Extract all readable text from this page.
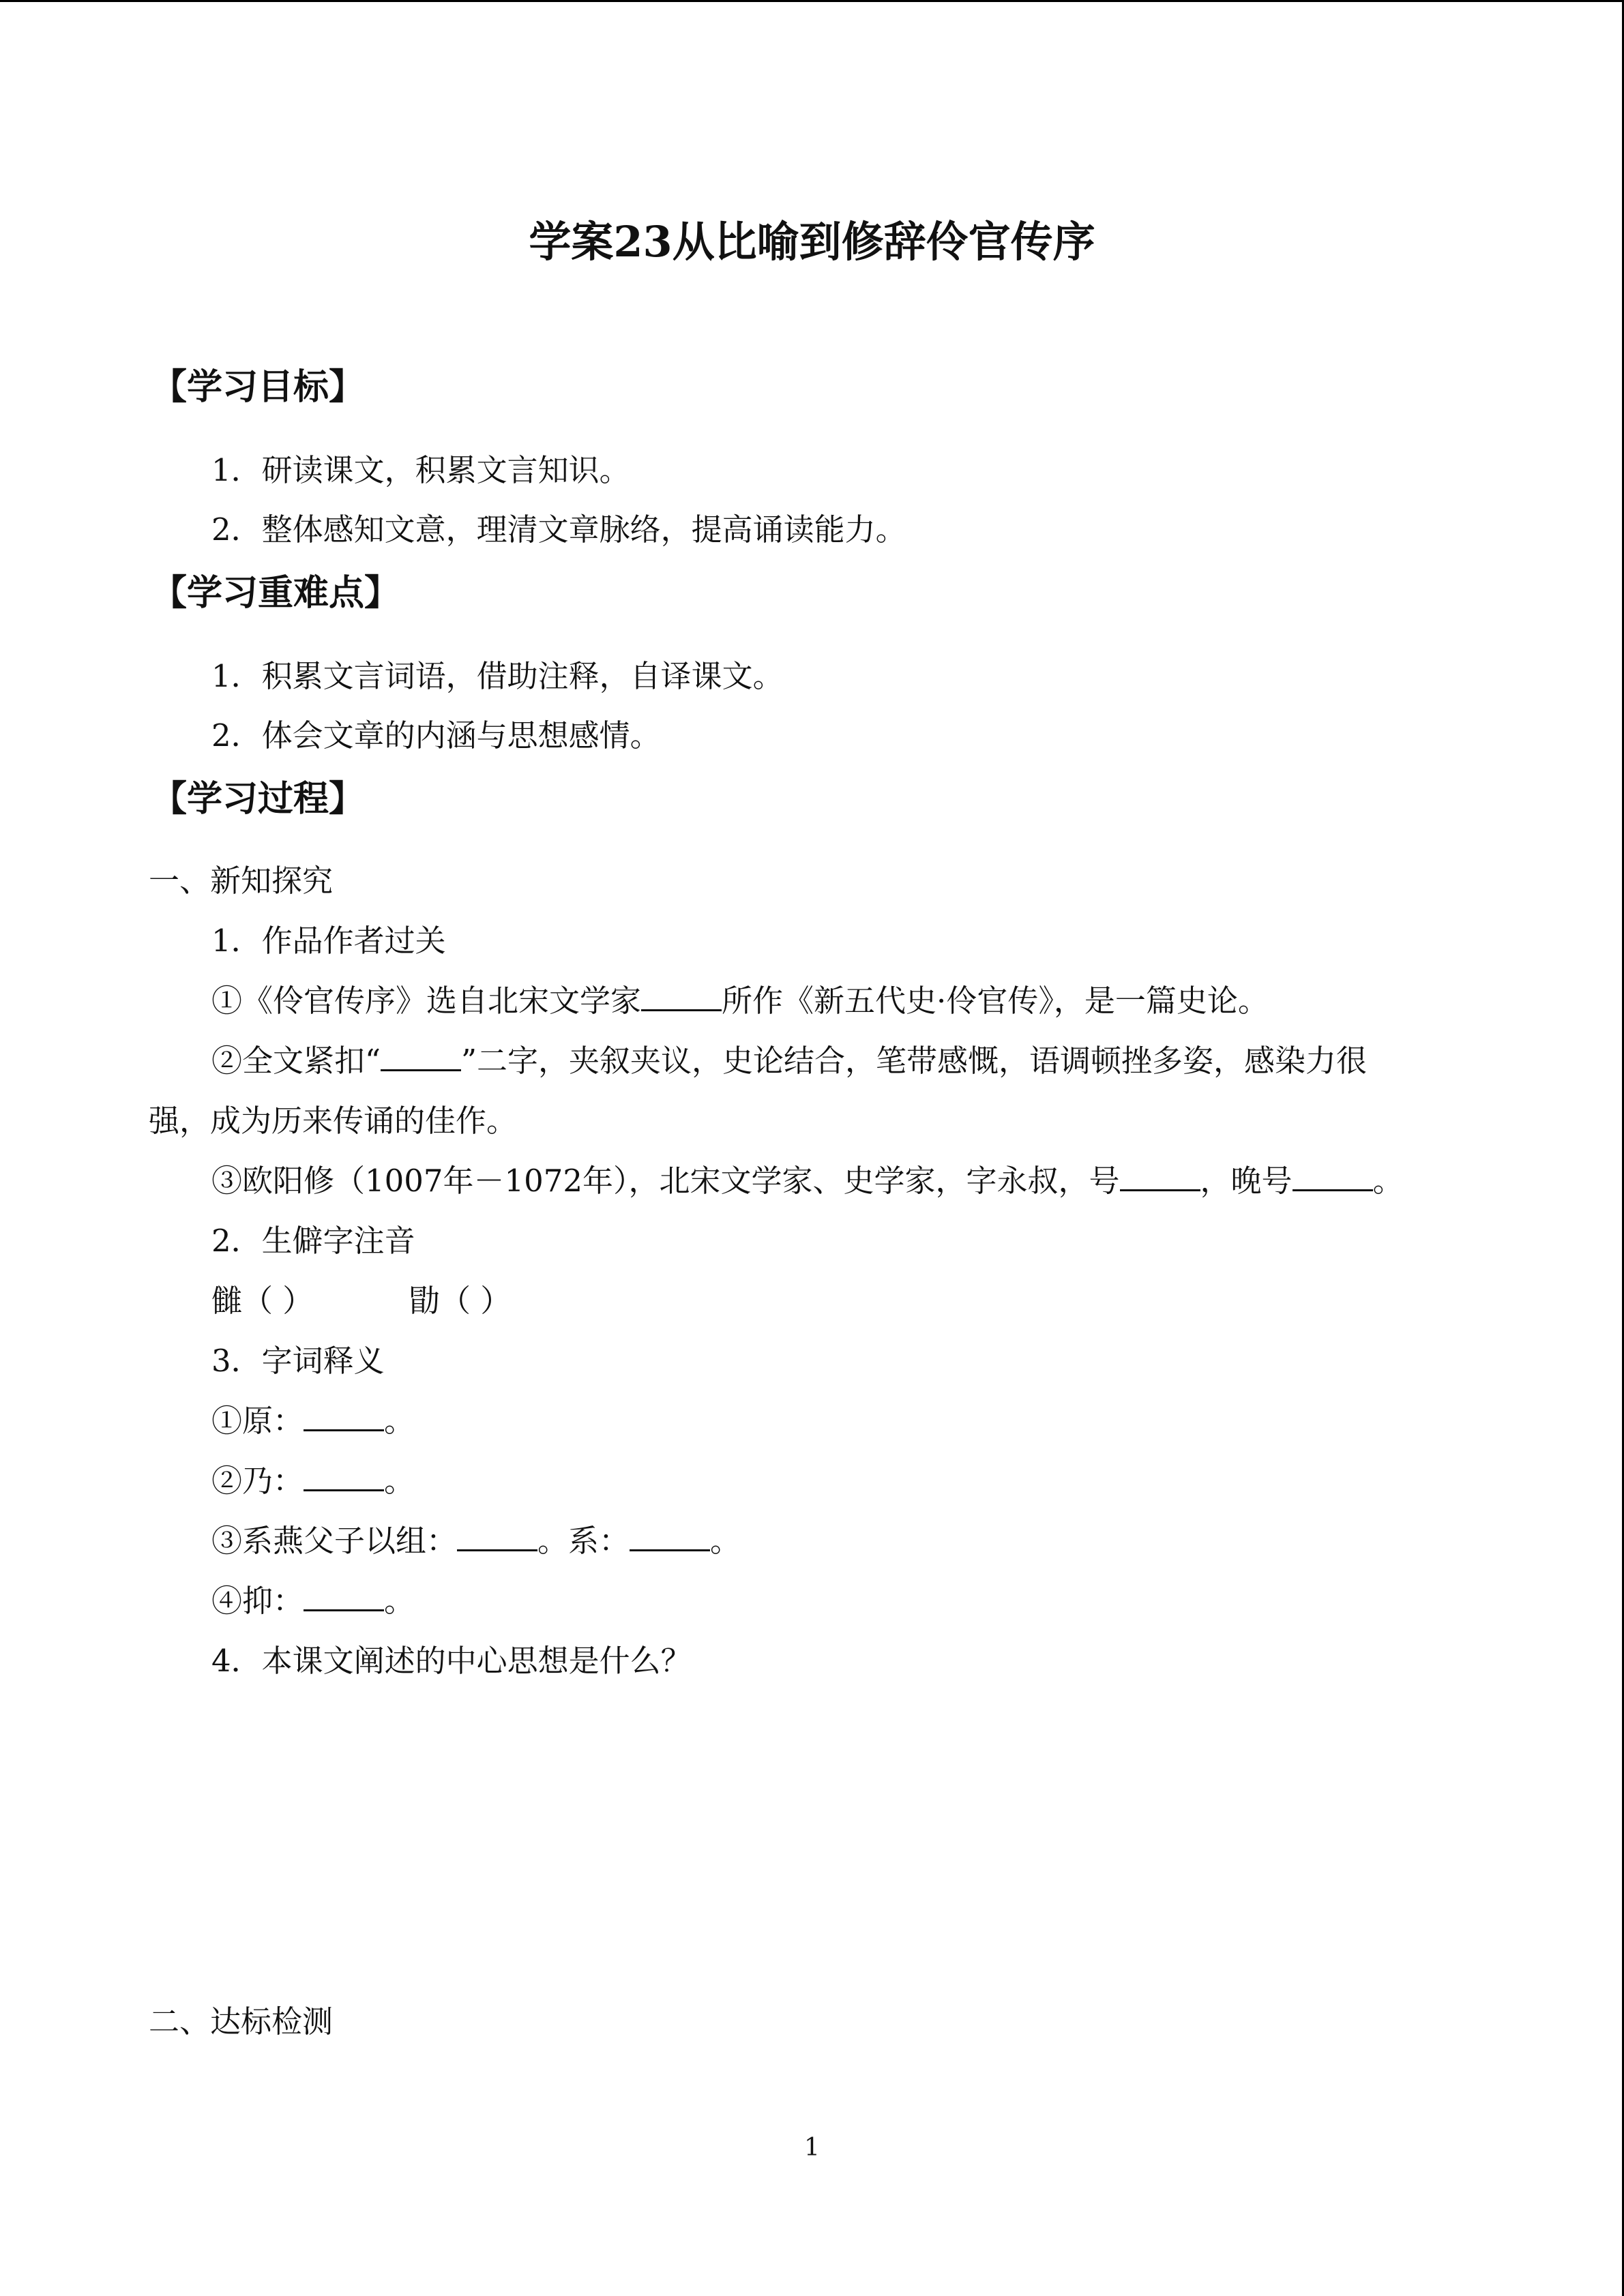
学案23从比喻到修辞伶官传序
【学习目标】
1．研读课文，积累文言知识。
2．整体感知文意，理清文章脉络，提高诵读能力。
【学习重难点】
1．积累文言词语，借助注释，自译课文。
2．体会文章的内涵与思想感情。
【学习过程】
一、新知探究
1．作品作者过关
①《伶官传序》选自北宋文学家	所作《新五代史·伶官传》，是一篇史论。
②全文紧扣“	”二字，夹叙夹议，史论结合，笔带感慨，语调顿挫多姿，感染力很
强，成为历来传诵的佳作。
③欧阳修（1007年－1072年），北宋文学家、史学家，字永叔，号	，晚号	。
2．生僻字注音
雠（ ）	勖（ ）
3．字词释义
①原：	。
②乃：	。
③系燕父子以组：	。系：	。
④抑：	。
4．本课文阐述的中心思想是什么？
二、达标检测
1
